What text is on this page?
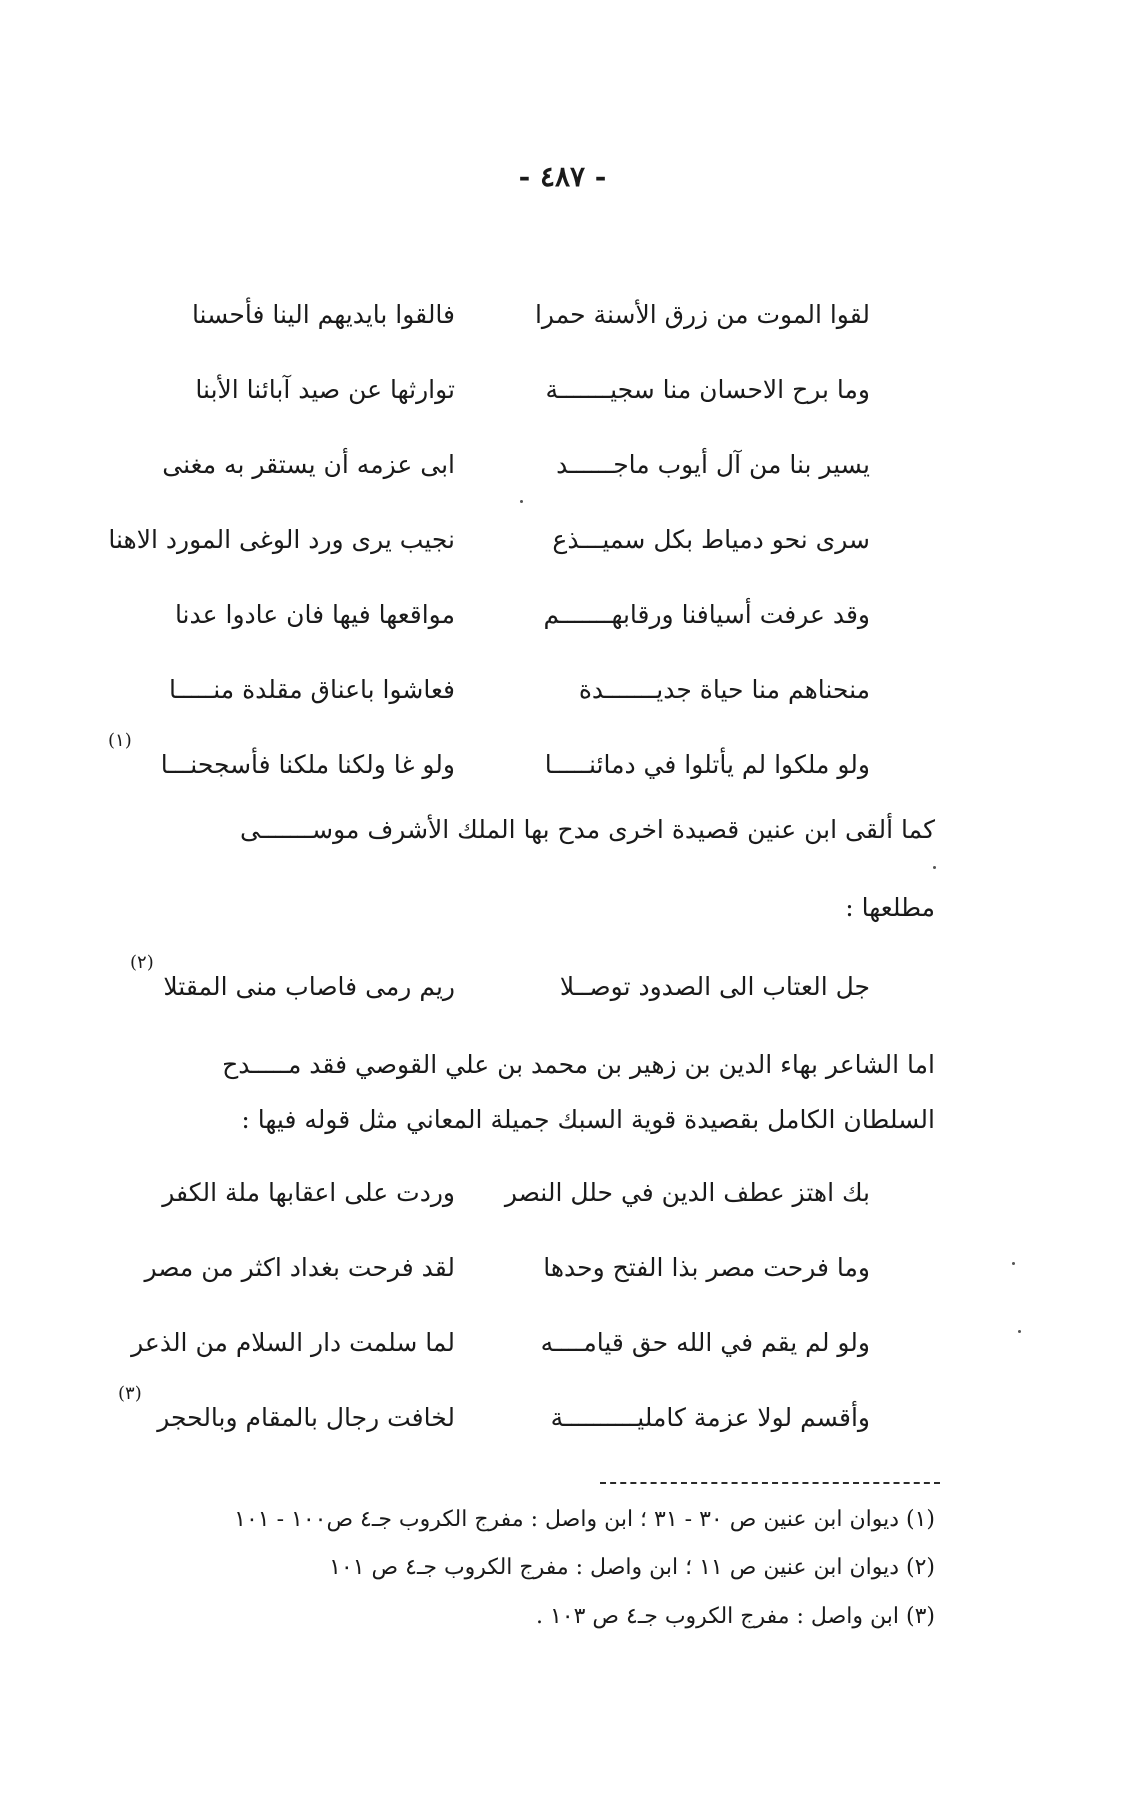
- ٤٨٧ -
لقوا الموت من زرق الأسنة حمرا
فالقوا بايديهم الينا فأحسنا
وما برح الاحسان منا سجيـــــــة
توارثها عن صيد آبائنا الأبنا
يسير بنا من آل أيوب ماجــــــد
ابى عزمه أن يستقر به مغنى
سرى نحو دمياط بكل سميـــذع
نجيب يرى ورد الوغى المورد الاهنا
وقد عرفت أسيافنا ورقابهـــــــم
مواقعها فيها فان عادوا عدنا
منحناهم منا حياة جديـــــــدة
فعاشوا باعناق مقلدة منـــــا
ولو ملكوا لم يأتلوا في دمائنـــــا
ولو غا ولكنا ملكنا فأسجحنـــا
(١)
كما ألقى ابن عنين قصيدة اخرى مدح بها الملك الأشرف موســـــــى
مطلعها :
جل العتاب الى الصدود توصــلا
ريم رمى فاصاب منى المقتلا
(٢)
اما الشاعر بهاء الدين بن زهير بن محمد بن علي القوصي فقد مـــــدح
السلطان الكامل بقصيدة قوية السبك جميلة المعاني مثل قوله فيها :
بك اهتز عطف الدين في حلل النصر
وردت على اعقابها ملة الكفر
وما فرحت مصر بذا الفتح وحدها
لقد فرحت بغداد اكثر من مصر
ولو لم يقم في الله حق قيامــــه
لما سلمت دار السلام من الذعر
وأقسم لولا عزمة كامليــــــــــة
لخافت رجال بالمقام وبالحجر
(٣)
(١) ديوان ابن عنين ص ٣٠ - ٣١ ؛ ابن واصل : مفرج الكروب جـ٤ ص١٠٠ - ١٠١
(٢) ديوان ابن عنين ص ١١ ؛ ابن واصل : مفرج الكروب جـ٤ ص ١٠١
(٣) ابن واصل : مفرج الكروب جـ٤ ص ١٠٣ .
